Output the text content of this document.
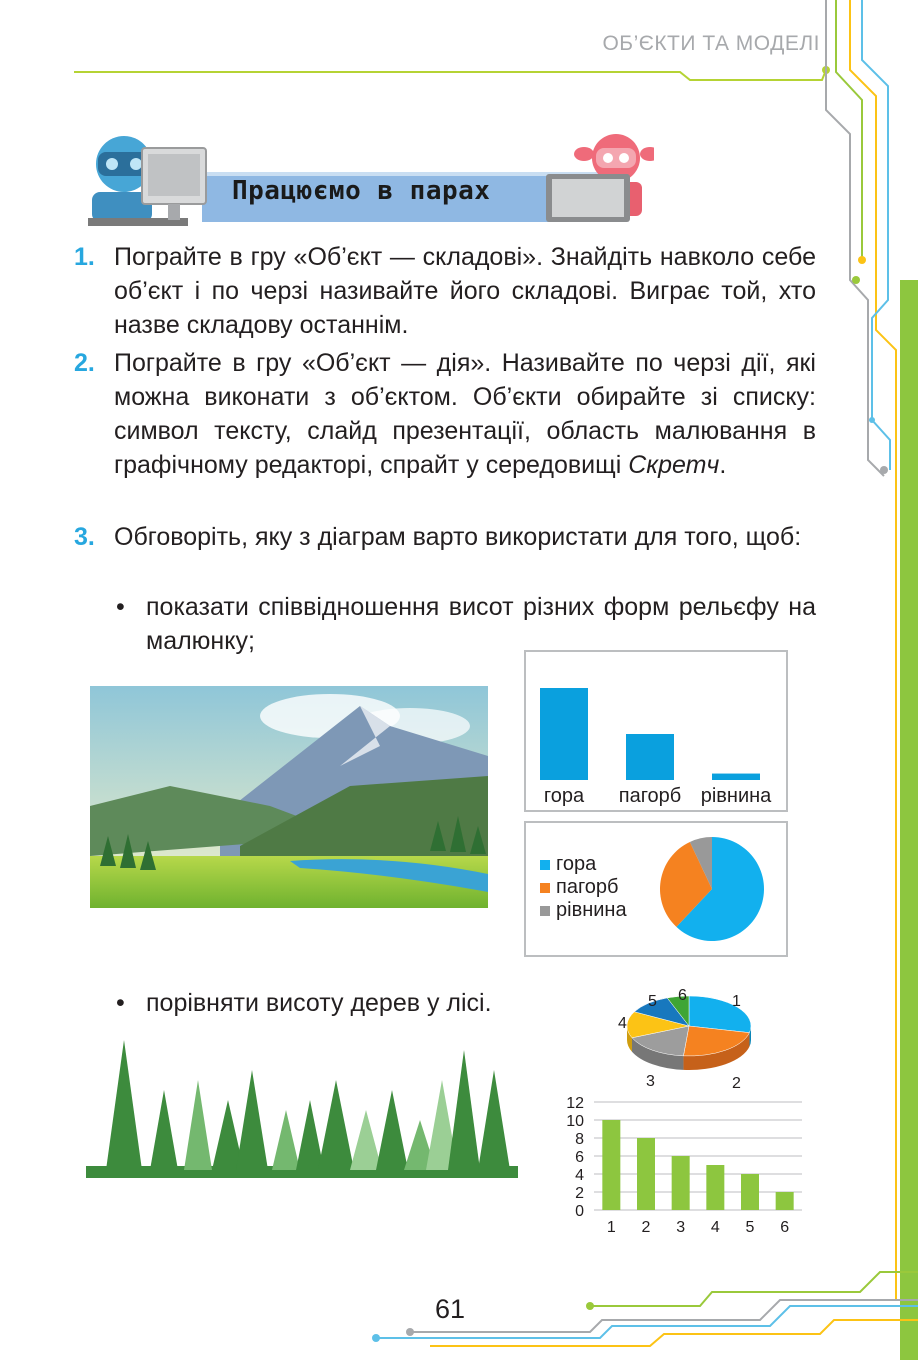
ОБ’ЄКТИ ТА МОДЕЛІ
Працюємо в парах
1. Пограйте в гру «Об’єкт — складові». Знайдіть навколо себе об’єкт і по черзі називайте його складові. Виграє той, хто назве складову останнім.
2. Пограйте в гру «Об’єкт — дія». Називайте по черзі дії, які можна виконати з об’єктом. Об’єкти обирайте зі списку: символ тексту, слайд презентації, область малювання в графічному редакторі, спрайт у середовищі Скретч.
3. Обговоріть, яку з діаграм варто використати для того, щоб:
• показати співвідношення висот різних форм рельєфу на малюнку;
• порівняти висоту дерев у лісі.
гора пагорб рівнина
гора
пагорб
рівнина
1
2
3
4
5 6
0
2
4
6
8
10
12
1 2 3 4 5 6
61
